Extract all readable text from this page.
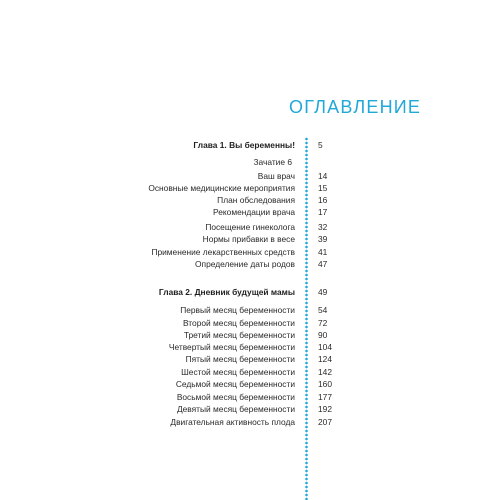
ОГЛАВЛЕНИЕ
Глава 1. Вы беременны!	5
Зачатие 6
Ваш врач	14
Основные медицинские мероприятия	15
План обследования	16
Рекомендации врача	17
Посещение гинеколога	32
Нормы прибавки в весе	39
Применение лекарственных средств	41
Определение даты родов	47
Глава 2. Дневник будущей мамы	49
Первый месяц беременности	54
Второй месяц беременности	72
Третий месяц беременности	90
Четвертый месяц беременности	104
Пятый месяц беременности	124
Шестой месяц беременности	142
Седьмой месяц беременности	160
Восьмой месяц беременности	177
Девятый месяц беременности	192
Двигательная активность плода	207
